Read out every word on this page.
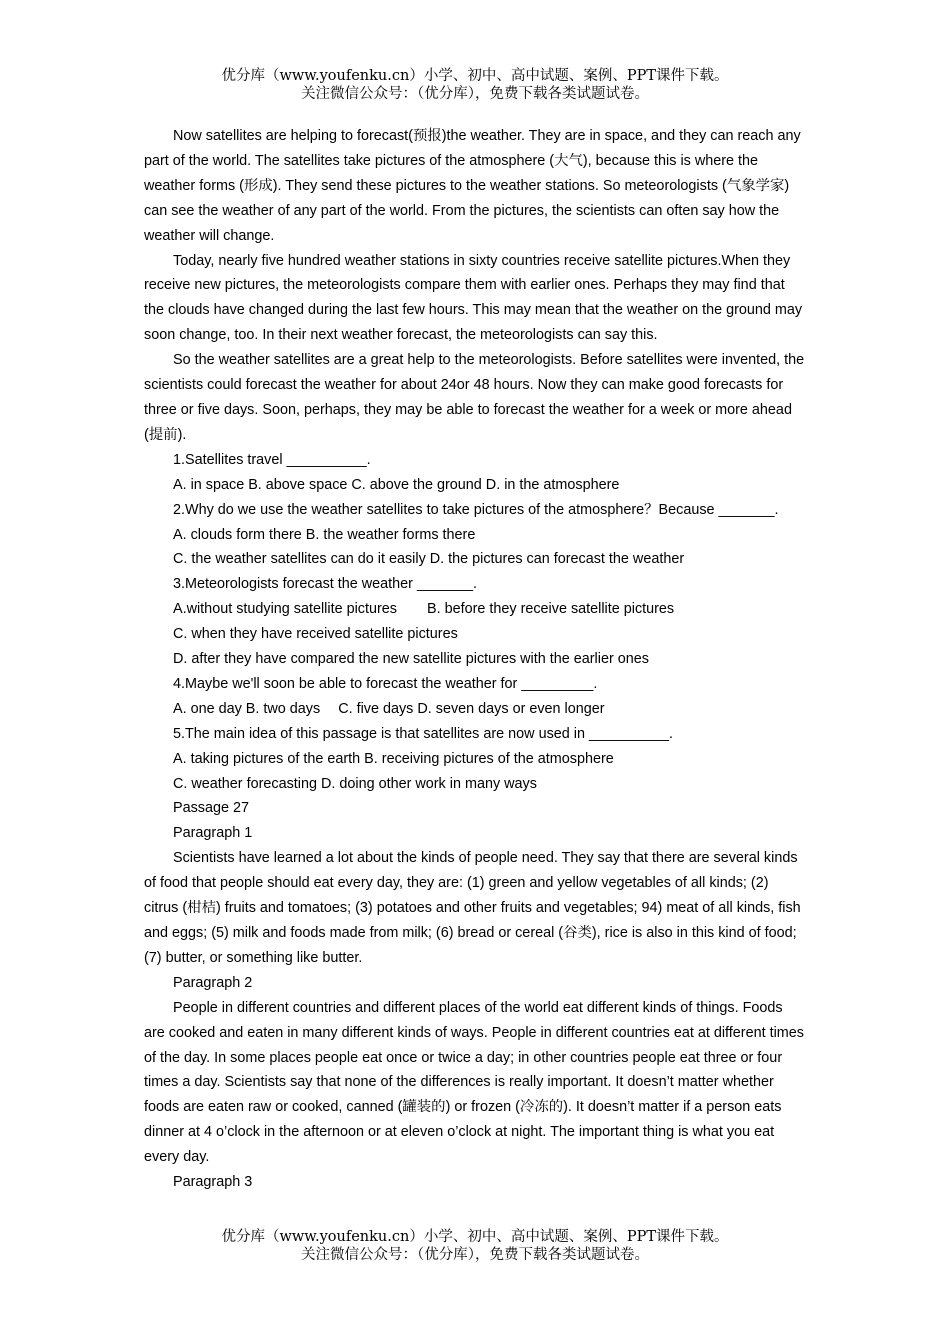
优分库（www.youfenku.cn）小学、初中、高中试题、案例、PPT课件下载。
关注微信公众号：（优分库），免费下载各类试题试卷。

Now satellites are helping to forecast(预报)the weather. They are in space, and they can reach any part of the world. The satellites take pictures of the atmosphere (大气), because this is where the weather forms (形成). They send these pictures to the weather stations. So meteorologists (气象学家) can see the weather of any part of the world. From the pictures, the scientists can often say how the weather will change.

Today, nearly five hundred weather stations in sixty countries receive satellite pictures.When they receive new pictures, the meteorologists compare them with earlier ones. Perhaps they may find that the clouds have changed during the last few hours. This may mean that the weather on the ground may soon change, too. In their next weather forecast, the meteorologists can say this.

So the weather satellites are a great help to the meteorologists. Before satellites were invented, the scientists could forecast the weather for about 24or 48 hours. Now they can make good forecasts for three or five days. Soon, perhaps, they may be able to forecast the weather for a week or more ahead (提前).

1.Satellites travel __________.

A. in space B. above space C. above the ground D. in the atmosphere

2.Why do we use the weather satellites to take pictures of the atmosphere？Because _______.

A. clouds form there B. the weather forms there

C. the weather satellites can do it easily D. the pictures can forecast the weather

3.Meteorologists forecast the weather _______.

A.without studying satellite pictures B. before they receive satellite pictures

C. when they have received satellite pictures

D. after they have compared the new satellite pictures with the earlier ones

4.Maybe we'll soon be able to forecast the weather for _________.

A. one day B. two days C. five days D. seven days or even longer

5.The main idea of this passage is that satellites are now used in __________.

A. taking pictures of the earth B. receiving pictures of the atmosphere

C. weather forecasting D. doing other work in many ways

Passage 27

Paragraph 1

Scientists have learned a lot about the kinds of people need. They say that there are several kinds of food that people should eat every day, they are: (1) green and yellow vegetables of all kinds; (2) citrus (柑桔) fruits and tomatoes; (3) potatoes and other fruits and vegetables; 94) meat of all kinds, fish and eggs; (5) milk and foods made from milk; (6) bread or cereal (谷类), rice is also in this kind of food; (7) butter, or something like butter.

Paragraph 2

People in different countries and different places of the world eat different kinds of things. Foods are cooked and eaten in many different kinds of ways. People in different countries eat at different times of the day. In some places people eat once or twice a day; in other countries people eat three or four times a day. Scientists say that none of the differences is really important. It doesn’t matter whether foods are eaten raw or cooked, canned (罐装的) or frozen (冷冻的). It doesn’t matter if a person eats dinner at 4 o’clock in the afternoon or at eleven o’clock at night. The important thing is what you eat every day.

Paragraph 3

优分库（www.youfenku.cn）小学、初中、高中试题、案例、PPT课件下载。
关注微信公众号：（优分库），免费下载各类试题试卷。
